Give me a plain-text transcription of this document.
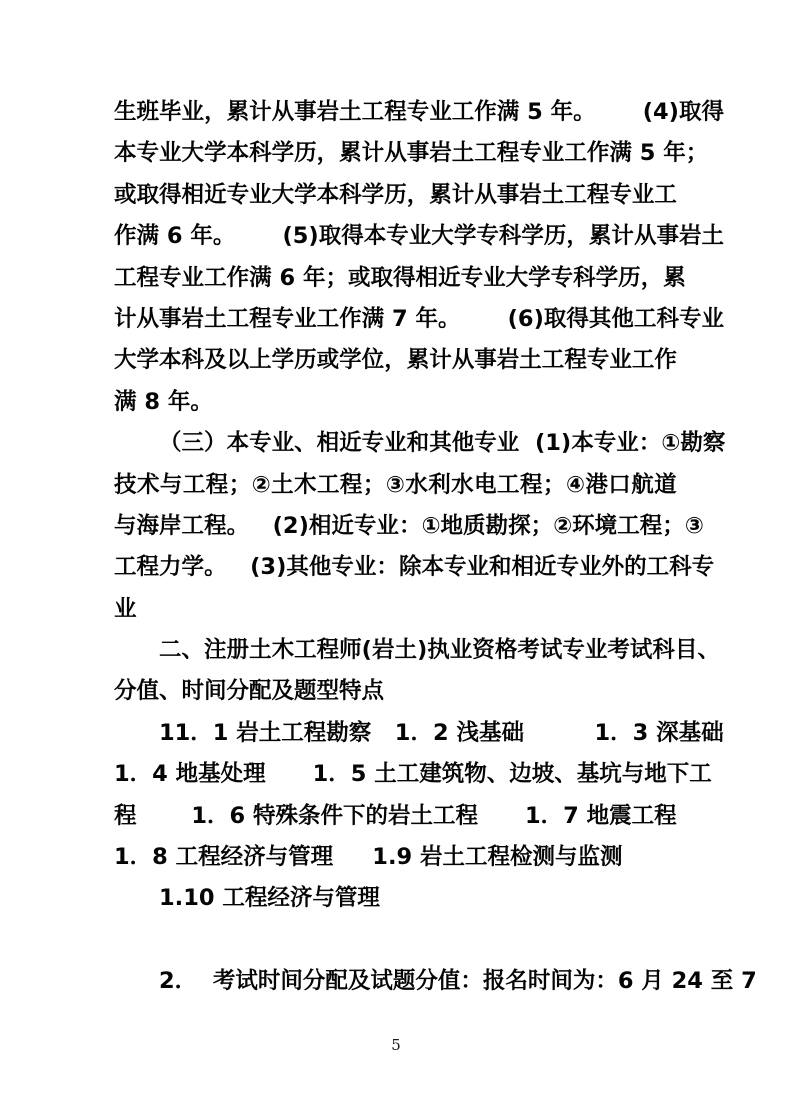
生 班 毕 业 ， 累 计 从 事 岩 土 工 程 专 业 工 作 满
5
年 。

( 4 ) 取 得
本 专 业 大 学 本 科 学 历 ， 累 计 从 事 岩 土 工 程 专 业 工 作 满
5
年 ；
或 取 得 相 近 专 业 大 学 本 科 学 历 ， 累 计 从 事 岩 土 工 程 专 业 工
作 满
6
年 。

( 5 ) 取 得 本 专 业 大 学 专 科 学 历 ， 累 计 从 事 岩 土
工 程 专 业 工 作 满
6
年 ； 或 取 得 相 近 专 业 大 学 专 科 学 历 ， 累
计 从 事 岩 土 工 程 专 业 工 作 满
7
年 。

( 6 ) 取 得 其 他 工 科 专 业
大 学 本 科 及 以 上 学 历 或 学 位 ， 累 计 从 事 岩 土 工 程 专 业 工 作
满 8 年。
（ 三 ） 本 专 业 、 相 近 专 业 和 其 他 专 业

( 1 ) 本 专 业 ： ① 勘 察
技 术 与 工 程 ； ② 土 木 工 程 ； ③ 水 利 水 电 工 程 ； ④ 港 口 航 道
与 海 岸 工 程 。

( 2 ) 相 近 专 业 ： ① 地 质 勘 探 ； ② 环 境 工 程 ； ③
工 程 力 学 。

( 3 ) 其 他 专 业 ： 除 本 专 业 和 相 近 专 业 外 的 工 科 专
业
二 、 注 册 土 木 工 程 师 ( 岩 土 ) 执 业 资 格 考 试 专 业 考 试 科 目 、
分值、时间分配及题型特点
11．1 岩土工程勘察   1．2 浅基础         1．3 深基础
1．4 地基处理      1．5 土工建筑物、边坡、基坑与地下工
程       1．6 特殊条件下的岩土工程      1．7 地震工程
1．8 工程经济与管理     1.9 岩土工程检测与监测
1.10 工程经济与管理
2．  考试时间分配及试题分值：报名时间为：6 月 24 至 7
5
